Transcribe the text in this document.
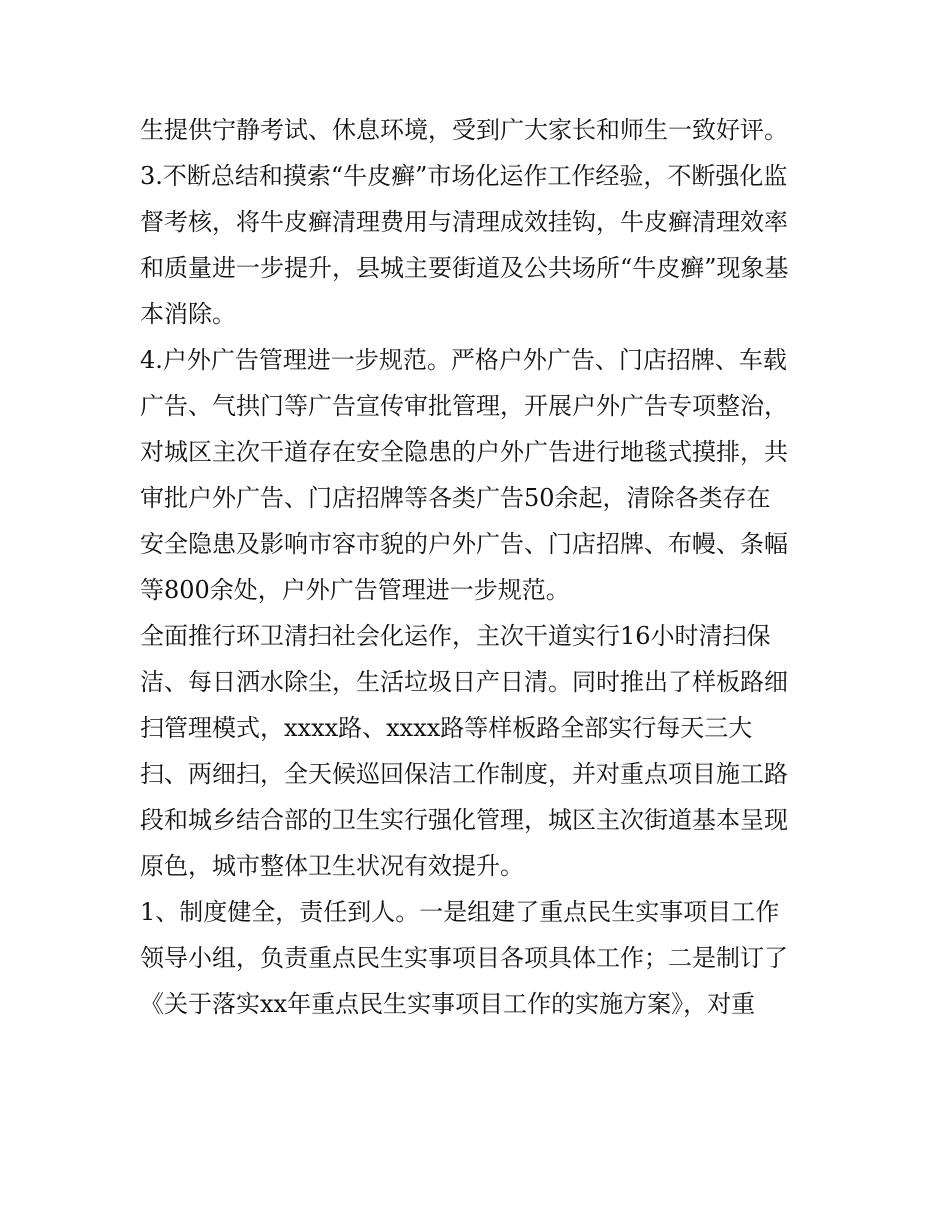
生提供宁静考试、休息环境，受到广大家长和师生一致好评。
3.不断总结和摸索“牛皮癣”市场化运作工作经验，不断强化监
督考核，将牛皮癣清理费用与清理成效挂钩，牛皮癣清理效率
和质量进一步提升，县城主要街道及公共场所“牛皮癣”现象基
本消除。
4.户外广告管理进一步规范。严格户外广告、门店招牌、车载
广告、气拱门等广告宣传审批管理，开展户外广告专项整治，
对城区主次干道存在安全隐患的户外广告进行地毯式摸排，共
审批户外广告、门店招牌等各类广告50余起，清除各类存在
安全隐患及影响市容市貌的户外广告、门店招牌、布幔、条幅
等800余处，户外广告管理进一步规范。
全面推行环卫清扫社会化运作，主次干道实行16小时清扫保
洁、每日洒水除尘，生活垃圾日产日清。同时推出了样板路细
扫管理模式，xxxx路、xxxx路等样板路全部实行每天三大
扫、两细扫，全天候巡回保洁工作制度，并对重点项目施工路
段和城乡结合部的卫生实行强化管理，城区主次街道基本呈现
原色，城市整体卫生状况有效提升。
1、制度健全，责任到人。一是组建了重点民生实事项目工作
领导小组，负责重点民生实事项目各项具体工作；二是制订了
《关于落实xx年重点民生实事项目工作的实施方案》，对重
